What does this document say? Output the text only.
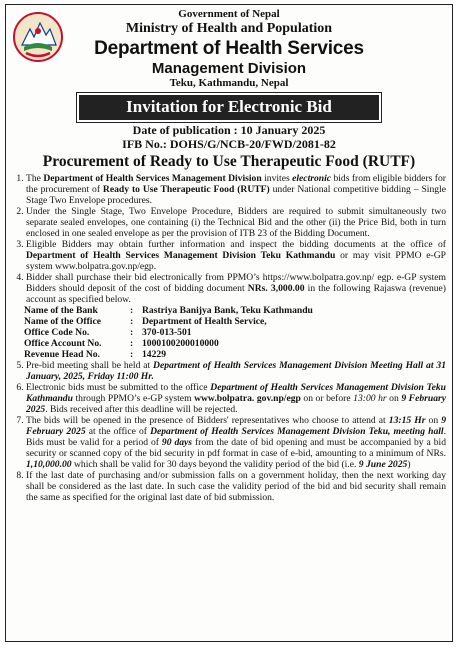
Government of Nepal
Ministry of Health and Population
Department of Health Services
Management Division
Teku, Kathmandu, Nepal
Invitation for Electronic Bid
Date of publication : 10 January 2025
IFB No.: DOHS/G/NCB-20/FWD/2081-82
Procurement of Ready to Use Therapeutic Food (RUTF)
1. The Department of Health Services Management Division invites electronic bids from eligible bidders for the procurement of Ready to Use Therapeutic Food (RUTF) under National competitive bidding – Single Stage Two Envelope procedures.
2. Under the Single Stage, Two Envelope Procedure, Bidders are required to submit simultaneously two separate sealed envelopes, one containing (i) the Technical Bid and the other (ii) the Price Bid, both in turn enclosed in one sealed envelope as per the provision of ITB 23 of the Bidding Document.
3. Eligible Bidders may obtain further information and inspect the bidding documents at the office of Department of Health Services Management Division Teku Kathmandu or may visit PPMO e-GP system www.bolpatra.gov.np/egp.
4. Bidder shall purchase their bid electronically from PPMO’s https://www.bolpatra.gov.np/ egp. e-GP system Bidders should deposit of the cost of bidding document NRs. 3,000.00 in the following Rajaswa (revenue) account as specified below.
Name of the Bank	:	Rastriya Banijya Bank, Teku Kathmandu
Name of the Office	:	Department of Health Service,
Office Code No.	:	370-013-501
Office Account No.	:	1000100200010000
Revenue Head No.	:	14229
5. Pre-bid meeting shall be held at Department of Health Services Management Division Meeting Hall at 31 January, 2025, Friday 11:00 Hr.
6. Electronic bids must be submitted to the office Department of Health Services Management Division Teku Kathmandu through PPMO’s e-GP system www.bolpatra. gov.np/egp on or before 13:00 hr on 9 February 2025. Bids received after this deadline will be rejected.
7. The bids will be opened in the presence of Bidders' representatives who choose to attend at 13:15 Hr on 9 February 2025 at the office of Department of Health Services Management Division Teku, meeting hall. Bids must be valid for a period of 90 days from the date of bid opening and must be accompanied by a bid security or scanned copy of the bid security in pdf format in case of e-bid, amounting to a minimum of NRs. 1,10,000.00 which shall be valid for 30 days beyond the validity period of the bid (i.e. 9 June 2025)
8. If the last date of purchasing and/or submission falls on a government holiday, then the next working day shall be considered as the last date. In such case the validity period of the bid and bid security shall remain the same as specified for the original last date of bid submission.
